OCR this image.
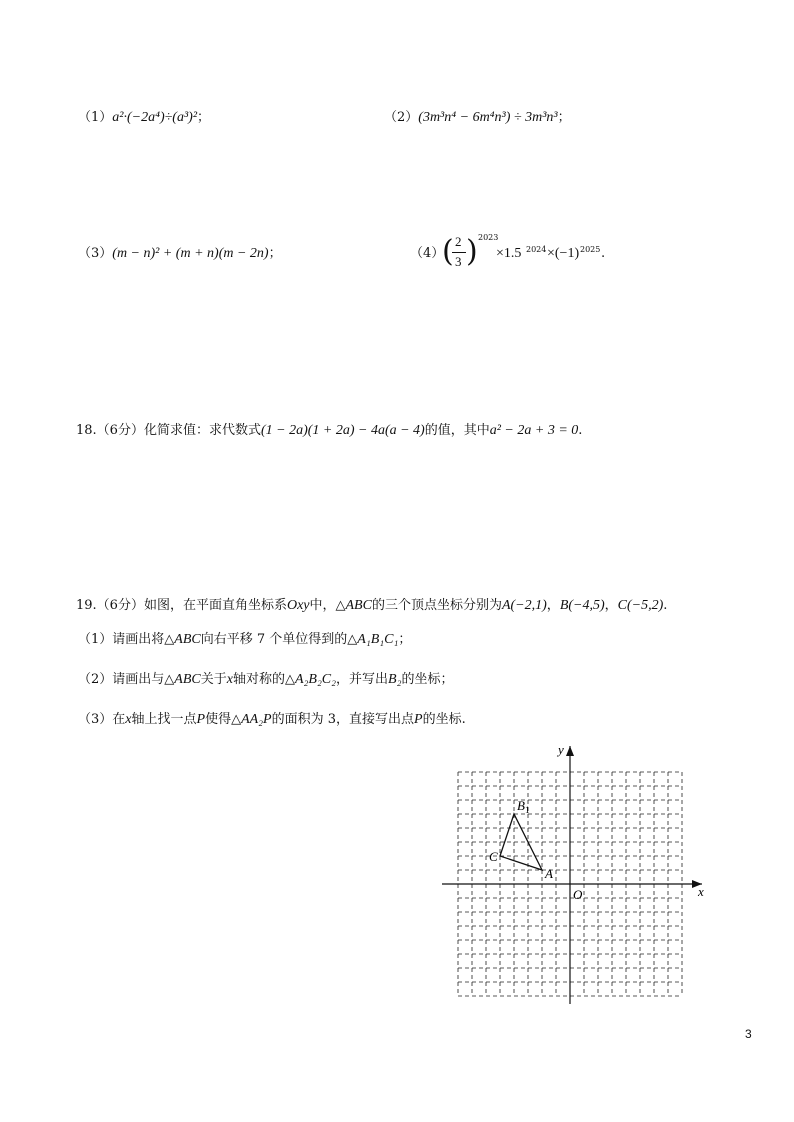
（1）a²·(−2a⁴)÷(a³)²；	（2）(3m³n⁴ − 6m⁴n³) ÷ 3m³n³；
（3）(m − n)² + (m + n)(m − 2n)；	（4）
( 2
3 ) 2023
×1.5 2024 ×(−1) 2025 .
18.（6分）化简求值：求代数式(1 − 2a)(1 + 2a) − 4a(a − 4)的值，其中a² − 2a + 3 = 0.
19.（6分）如图，在平面直角坐标系Oxy中，△ABC的三个顶点坐标分别为A(−2,1)，B(−4,5)，C(−5,2).
（1）请画出将△ABC向右平移 7 个单位得到的△A₁B₁C₁；
（2）请画出与△ABC关于x轴对称的△A₂B₂C₂，并写出B₂的坐标；
（3）在x轴上找一点P使得△AA₂P的面积为 3，直接写出点P的坐标.
y
x
O
$B_1$
C
A
3
